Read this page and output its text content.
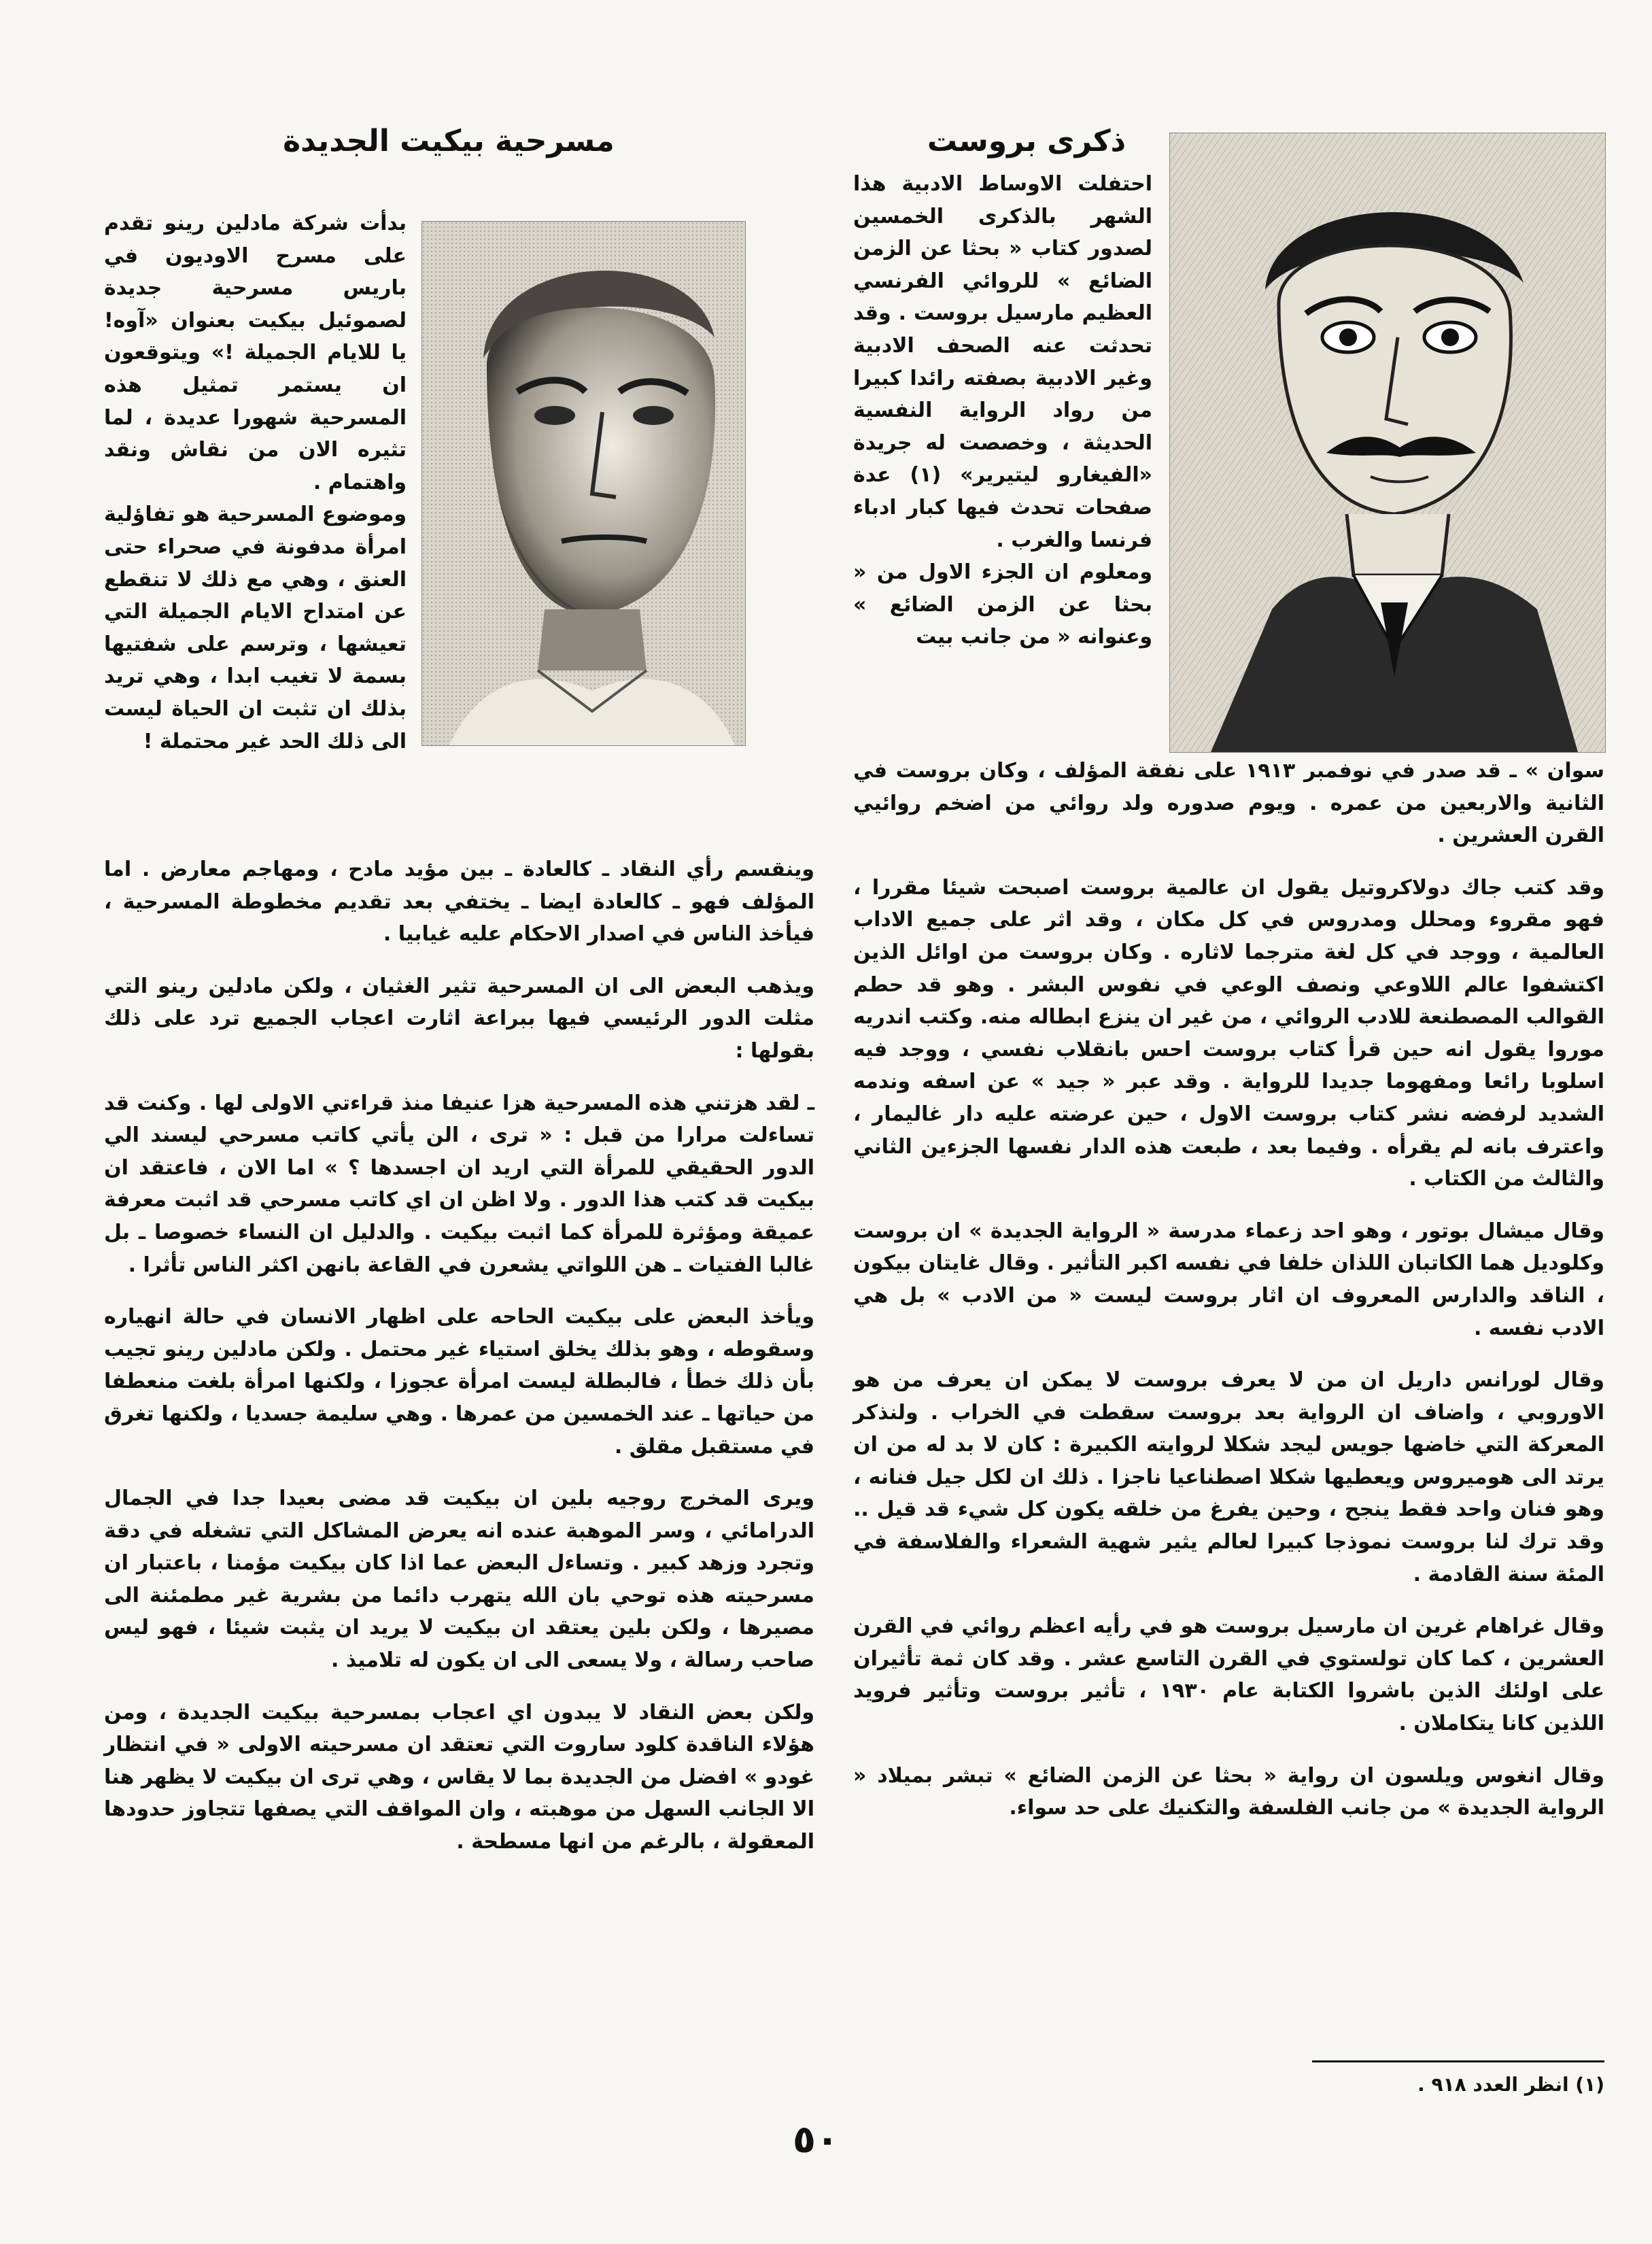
ذكرى بروست

احتفلت الاوساط الادبية هذا الشهر بالذكرى الخمسين لصدور كتاب « بحثا عن الزمن الضائع » للروائي الفرنسي العظيم مارسيل بروست . وقد تحدثت عنه الصحف الادبية وغير الادبية بصفته رائدا كبيرا من رواد الرواية النفسية الحديثة ، وخصصت له جريدة «الفيغارو ليتيرير» (١) عدة صفحات تحدث فيها كبار ادباء فرنسا والغرب .

ومعلوم ان الجزء الاول من « بحثا عن الزمن الضائع » وعنوانه « من جانب بيت

سوان » ـ قد صدر في نوفمبر ١٩١٣ على نفقة المؤلف ، وكان بروست في الثانية والاربعين من عمره . ويوم صدوره ولد روائي من اضخم روائيي القرن العشرين .

وقد كتب جاك دولاكروتيل يقول ان عالمية بروست اصبحت شيئا مقررا ، فهو مقروء ومحلل ومدروس في كل مكان ، وقد اثر على جميع الاداب العالمية ، ووجد في كل لغة مترجما لاثاره . وكان بروست من اوائل الذين اكتشفوا عالم اللاوعي ونصف الوعي في نفوس البشر . وهو قد حطم القوالب المصطنعة للادب الروائي ، من غير ان ينزع ابطاله منه. وكتب اندريه موروا يقول انه حين قرأ كتاب بروست احس بانقلاب نفسي ، ووجد فيه اسلوبا رائعا ومفهوما جديدا للرواية . وقد عبر « جيد » عن اسفه وندمه الشديد لرفضه نشر كتاب بروست الاول ، حين عرضته عليه دار غاليمار ، واعترف بانه لم يقرأه . وفيما بعد ، طبعت هذه الدار نفسها الجزءين الثاني والثالث من الكتاب .

وقال ميشال بوتور ، وهو احد زعماء مدرسة « الرواية الجديدة » ان بروست وكلوديل هما الكاتبان اللذان خلفا في نفسه اكبر التأثير . وقال غايتان بيكون ، الناقد والدارس المعروف ان اثار بروست ليست « من الادب » بل هي الادب نفسه .

وقال لورانس داريل ان من لا يعرف بروست لا يمكن ان يعرف من هو الاوروبي ، واضاف ان الرواية بعد بروست سقطت في الخراب . ولنذكر المعركة التي خاضها جويس ليجد شكلا لروايته الكبيرة : كان لا بد له من ان يرتد الى هوميروس ويعطيها شكلا اصطناعيا ناجزا . ذلك ان لكل جيل فنانه ، وهو فنان واحد فقط ينجح ، وحين يفرغ من خلقه يكون كل شيء قد قيل .. وقد ترك لنا بروست نموذجا كبيرا لعالم يثير شهية الشعراء والفلاسفة في المئة سنة القادمة .

وقال غراهام غرين ان مارسيل بروست هو في رأيه اعظم روائي في القرن العشرين ، كما كان تولستوي في القرن التاسع عشر . وقد كان ثمة تأثيران على اولئك الذين باشروا الكتابة عام ١٩٣٠ ، تأثير بروست وتأثير فرويد اللذين كانا يتكاملان .

وقال انغوس ويلسون ان رواية « بحثا عن الزمن الضائع » تبشر بميلاد « الرواية الجديدة » من جانب الفلسفة والتكنيك على حد سواء.

(١) انظر العدد ٩١٨ .

مسرحية بيكيت الجديدة

بدأت شركة مادلين رينو تقدم على مسرح الاوديون في باريس مسرحية جديدة لصموئيل بيكيت بعنوان «آوه! يا للايام الجميلة !» ويتوقعون ان يستمر تمثيل هذه المسرحية شهورا عديدة ، لما تثيره الان من نقاش ونقد واهتمام .

وموضوع المسرحية هو تفاؤلية امرأة مدفونة في صحراء حتى العنق ، وهي مع ذلك لا تنقطع عن امتداح الايام الجميلة التي تعيشها ، وترسم على شفتيها بسمة لا تغيب ابدا ، وهي تريد بذلك ان تثبت ان الحياة ليست الى ذلك الحد غير محتملة !

وينقسم رأي النقاد ـ كالعادة ـ بين مؤيد مادح ، ومهاجم معارض . اما المؤلف فهو ـ كالعادة ايضا ـ يختفي بعد تقديم مخطوطة المسرحية ، فيأخذ الناس في اصدار الاحكام عليه غيابيا .

ويذهب البعض الى ان المسرحية تثير الغثيان ، ولكن مادلين رينو التي مثلت الدور الرئيسي فيها ببراعة اثارت اعجاب الجميع ترد على ذلك بقولها :

ـ لقد هزتني هذه المسرحية هزا عنيفا منذ قراءتي الاولى لها . وكنت قد تساءلت مرارا من قبل : « ترى ، الن يأتي كاتب مسرحي ليسند الي الدور الحقيقي للمرأة التي اريد ان اجسدها ؟ » اما الان ، فاعتقد ان بيكيت قد كتب هذا الدور . ولا اظن ان اي كاتب مسرحي قد اثبت معرفة عميقة ومؤثرة للمرأة كما اثبت بيكيت . والدليل ان النساء خصوصا ـ بل غالبا الفتيات ـ هن اللواتي يشعرن في القاعة بانهن اكثر الناس تأثرا .

ويأخذ البعض على بيكيت الحاحه على اظهار الانسان في حالة انهياره وسقوطه ، وهو بذلك يخلق استياء غير محتمل . ولكن مادلين رينو تجيب بأن ذلك خطأ ، فالبطلة ليست امرأة عجوزا ، ولكنها امرأة بلغت منعطفا من حياتها ـ عند الخمسين من عمرها . وهي سليمة جسديا ، ولكنها تغرق في مستقبل مقلق .

ويرى المخرج روجيه بلين ان بيكيت قد مضى بعيدا جدا في الجمال الدرامائي ، وسر الموهبة عنده انه يعرض المشاكل التي تشغله في دقة وتجرد وزهد كبير . وتساءل البعض عما اذا كان بيكيت مؤمنا ، باعتبار ان مسرحيته هذه توحي بان الله يتهرب دائما من بشرية غير مطمئنة الى مصيرها ، ولكن بلين يعتقد ان بيكيت لا يريد ان يثبت شيئا ، فهو ليس صاحب رسالة ، ولا يسعى الى ان يكون له تلاميذ .

ولكن بعض النقاد لا يبدون اي اعجاب بمسرحية بيكيت الجديدة ، ومن هؤلاء الناقدة كلود ساروت التي تعتقد ان مسرحيته الاولى « في انتظار غودو » افضل من الجديدة بما لا يقاس ، وهي ترى ان بيكيت لا يظهر هنا الا الجانب السهل من موهبته ، وان المواقف التي يصفها تتجاوز حدودها المعقولة ، بالرغم من انها مسطحة .

٥٠
